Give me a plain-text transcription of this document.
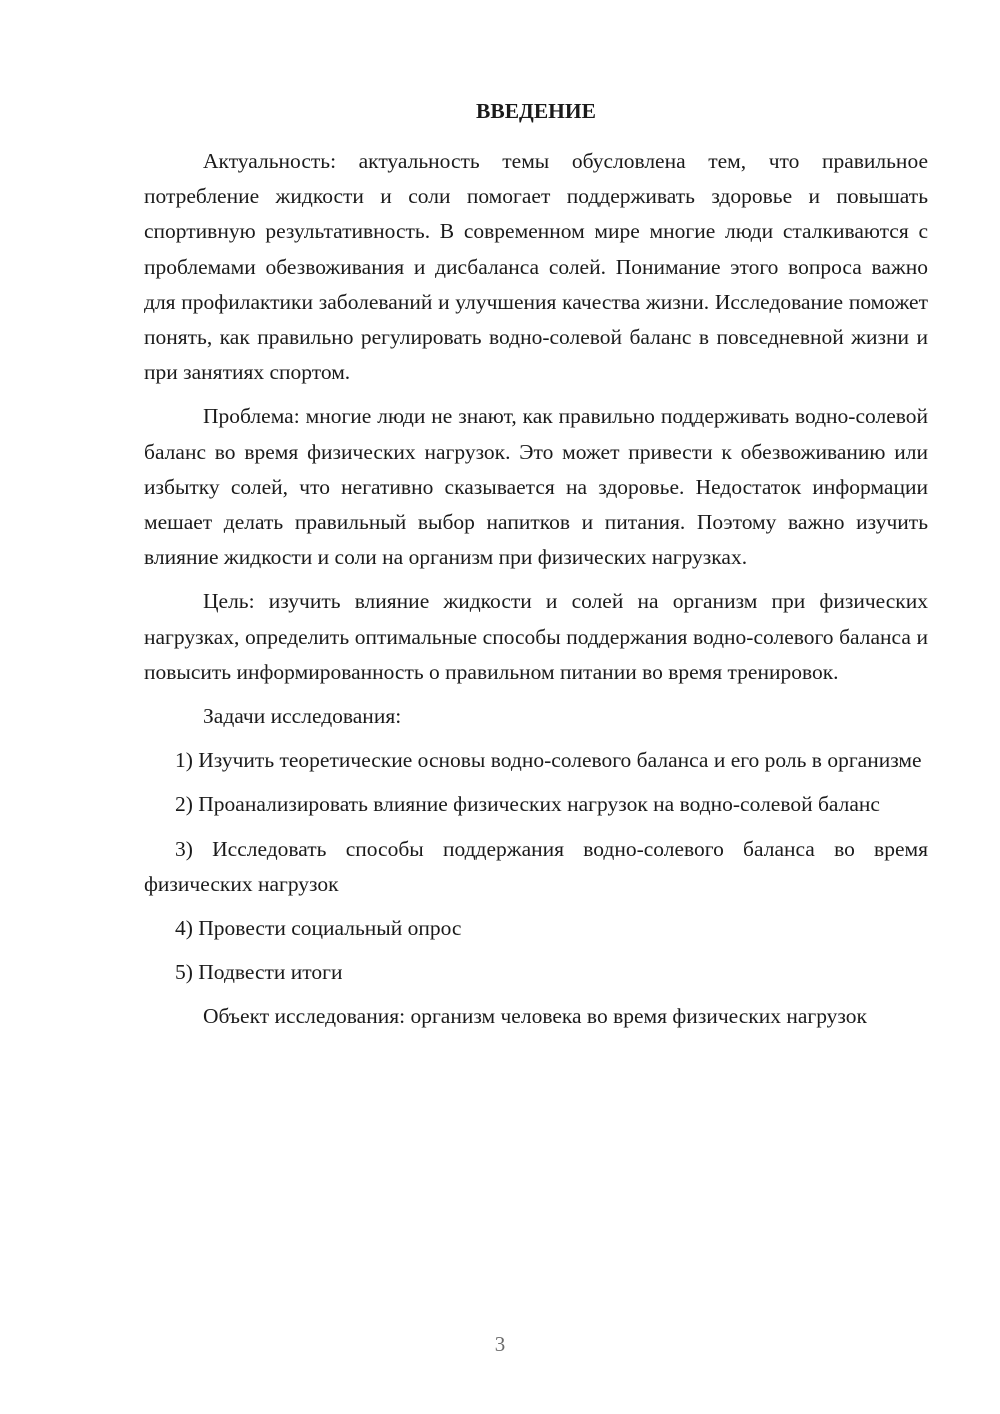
ВВЕДЕНИЕ

Актуальность: актуальность темы обусловлена тем, что правильное потребление жидкости и соли помогает поддерживать здоровье и повышать спортивную результативность. В современном мире многие люди сталкиваются с проблемами обезвоживания и дисбаланса солей. Понимание этого вопроса важно для профилактики заболеваний и улучшения качества жизни. Исследование поможет понять, как правильно регулировать водно-солевой баланс в повседневной жизни и при занятиях спортом.

Проблема: многие люди не знают, как правильно поддерживать водно-солевой баланс во время физических нагрузок. Это может привести к обезвоживанию или избытку солей, что негативно сказывается на здоровье. Недостаток информации мешает делать правильный выбор напитков и питания. Поэтому важно изучить влияние жидкости и соли на организм при физических нагрузках.

Цель: изучить влияние жидкости и солей на организм при физических нагрузках, определить оптимальные способы поддержания водно-солевого баланса и повысить информированность о правильном питании во время тренировок.

Задачи исследования:

1) Изучить теоретические основы водно-солевого баланса и его роль в организме

2) Проанализировать влияние физических нагрузок на водно-солевой баланс

3) Исследовать способы поддержания водно-солевого баланса во время физических нагрузок

4) Провести социальный опрос

5) Подвести итоги

Объект исследования: организм человека во время физических нагрузок

3
